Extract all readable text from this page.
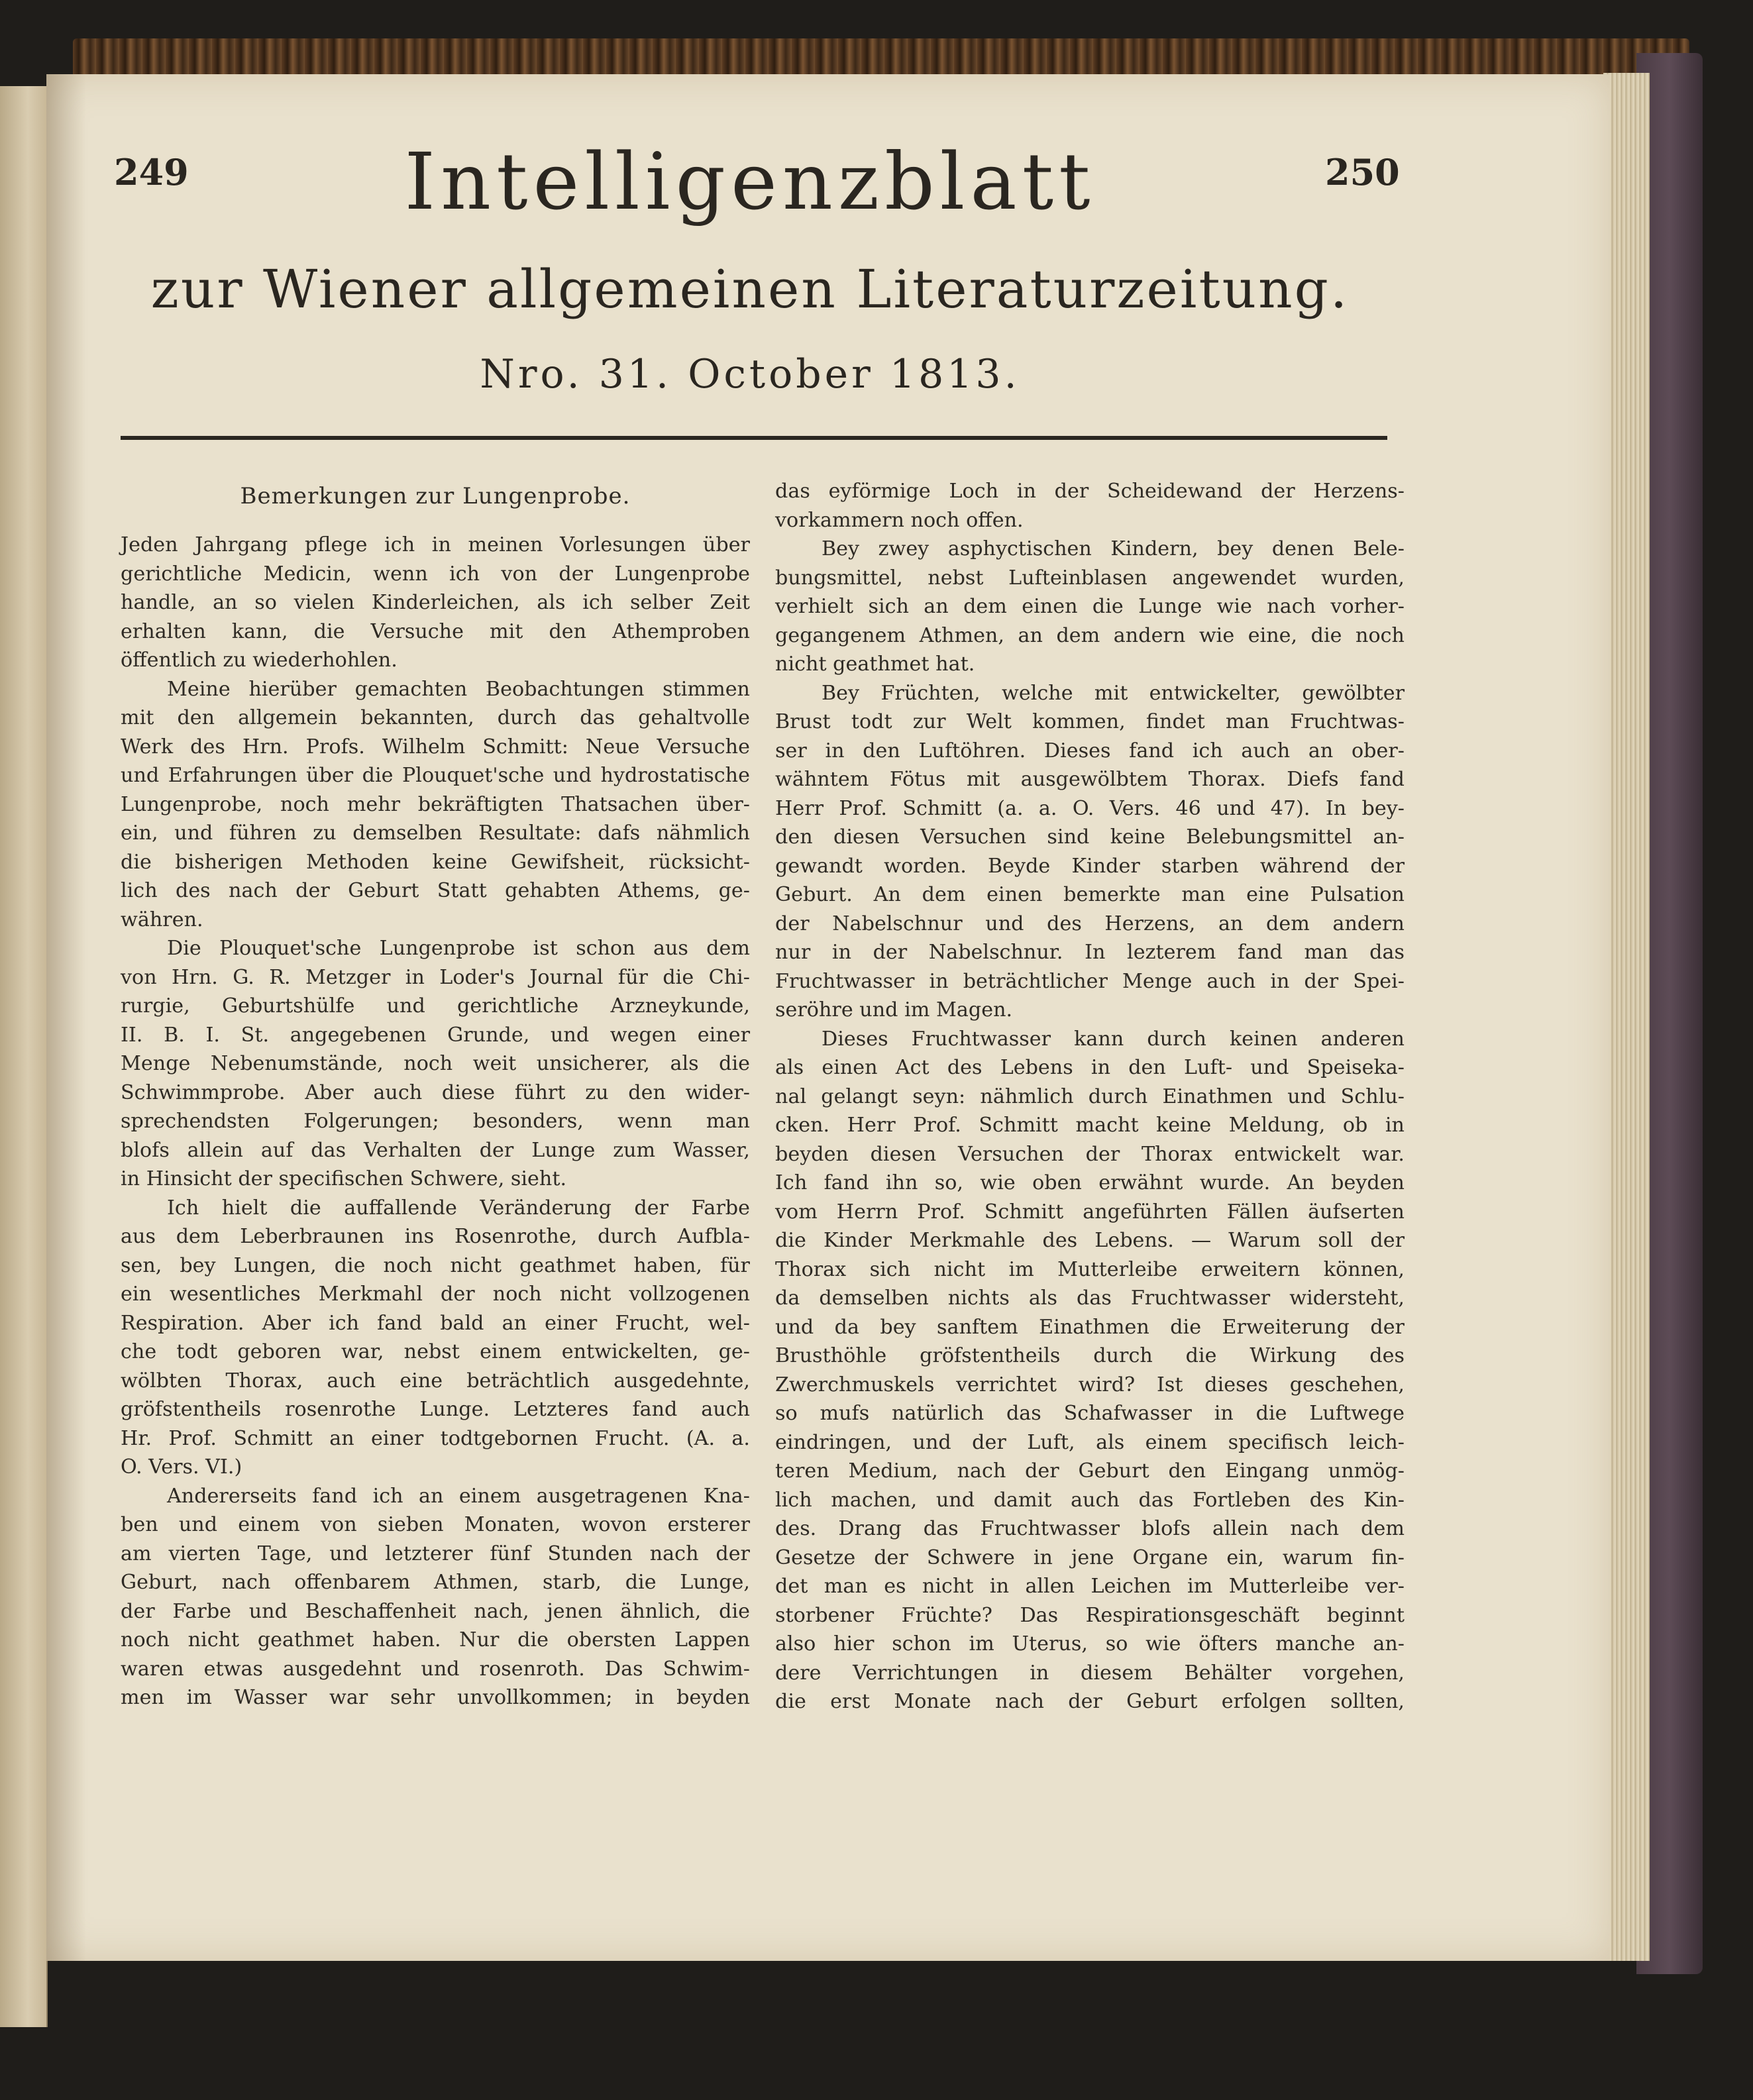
249	250
Intelligenzblatt
zur Wiener allgemeinen Literaturzeitung.
Nro. 31. October 1813.
Bemerkungen zur Lungenprobe.
Jeden Jahrgang pflege ich in meinen Vorlesungen über
gerichtliche Medicin, wenn ich von der Lungenprobe
handle, an so vielen Kinderleichen, als ich selber Zeit
erhalten kann, die Versuche mit den Athemproben
öffentlich zu wiederhohlen.
Meine hierüber gemachten Beobachtungen stimmen
mit den allgemein bekannten, durch das gehaltvolle
Werk des Hrn. Profs. Wilhelm Schmitt: Neue Versuche
und Erfahrungen über die Plouquet'sche und hydrostatische
Lungenprobe, noch mehr bekräftigten Thatsachen über-
ein, und führen zu demselben Resultate: dafs nähmlich
die bisherigen Methoden keine Gewifsheit, rücksicht-
lich des nach der Geburt Statt gehabten Athems, ge-
währen.
Die Plouquet'sche Lungenprobe ist schon aus dem
von Hrn. G. R. Metzger in Loder's Journal für die Chi-
rurgie, Geburtshülfe und gerichtliche Arzneykunde,
II. B. I. St. angegebenen Grunde, und wegen einer
Menge Nebenumstände, noch weit unsicherer, als die
Schwimmprobe. Aber auch diese führt zu den wider-
sprechendsten Folgerungen; besonders, wenn man
blofs allein auf das Verhalten der Lunge zum Wasser,
in Hinsicht der specifischen Schwere, sieht.
Ich hielt die auffallende Veränderung der Farbe
aus dem Leberbraunen ins Rosenrothe, durch Aufbla-
sen, bey Lungen, die noch nicht geathmet haben, für
ein wesentliches Merkmahl der noch nicht vollzogenen
Respiration. Aber ich fand bald an einer Frucht, wel-
che todt geboren war, nebst einem entwickelten, ge-
wölbten Thorax, auch eine beträchtlich ausgedehnte,
gröfstentheils rosenrothe Lunge. Letzteres fand auch
Hr. Prof. Schmitt an einer todtgebornen Frucht. (A. a.
O. Vers. VI.)
Andererseits fand ich an einem ausgetragenen Kna-
ben und einem von sieben Monaten, wovon ersterer
am vierten Tage, und letzterer fünf Stunden nach der
Geburt, nach offenbarem Athmen, starb, die Lunge,
der Farbe und Beschaffenheit nach, jenen ähnlich, die
noch nicht geathmet haben. Nur die obersten Lappen
waren etwas ausgedehnt und rosenroth. Das Schwim-
men im Wasser war sehr unvollkommen; in beyden
das eyförmige Loch in der Scheidewand der Herzens-
vorkammern noch offen.
Bey zwey asphyctischen Kindern, bey denen Bele-
bungsmittel, nebst Lufteinblasen angewendet wurden,
verhielt sich an dem einen die Lunge wie nach vorher-
gegangenem Athmen, an dem andern wie eine, die noch
nicht geathmet hat.
Bey Früchten, welche mit entwickelter, gewölbter
Brust todt zur Welt kommen, findet man Fruchtwas-
ser in den Luftöhren. Dieses fand ich auch an ober-
wähntem Fötus mit ausgewölbtem Thorax. Diefs fand
Herr Prof. Schmitt (a. a. O. Vers. 46 und 47). In bey-
den diesen Versuchen sind keine Belebungsmittel an-
gewandt worden. Beyde Kinder starben während der
Geburt. An dem einen bemerkte man eine Pulsation
der Nabelschnur und des Herzens, an dem andern
nur in der Nabelschnur. In lezterem fand man das
Fruchtwasser in beträchtlicher Menge auch in der Spei-
seröhre und im Magen.
Dieses Fruchtwasser kann durch keinen anderen
als einen Act des Lebens in den Luft- und Speiseka-
nal gelangt seyn: nähmlich durch Einathmen und Schlu-
cken. Herr Prof. Schmitt macht keine Meldung, ob in
beyden diesen Versuchen der Thorax entwickelt war.
Ich fand ihn so, wie oben erwähnt wurde. An beyden
vom Herrn Prof. Schmitt angeführten Fällen äufserten
die Kinder Merkmahle des Lebens. — Warum soll der
Thorax sich nicht im Mutterleibe erweitern können,
da demselben nichts als das Fruchtwasser widersteht,
und da bey sanftem Einathmen die Erweiterung der
Brusthöhle gröfstentheils durch die Wirkung des
Zwerchmuskels verrichtet wird? Ist dieses geschehen,
so mufs natürlich das Schafwasser in die Luftwege
eindringen, und der Luft, als einem specifisch leich-
teren Medium, nach der Geburt den Eingang unmög-
lich machen, und damit auch das Fortleben des Kin-
des. Drang das Fruchtwasser blofs allein nach dem
Gesetze der Schwere in jene Organe ein, warum fin-
det man es nicht in allen Leichen im Mutterleibe ver-
storbener Früchte? Das Respirationsgeschäft beginnt
also hier schon im Uterus, so wie öfters manche an-
dere Verrichtungen in diesem Behälter vorgehen,
die erst Monate nach der Geburt erfolgen sollten,
